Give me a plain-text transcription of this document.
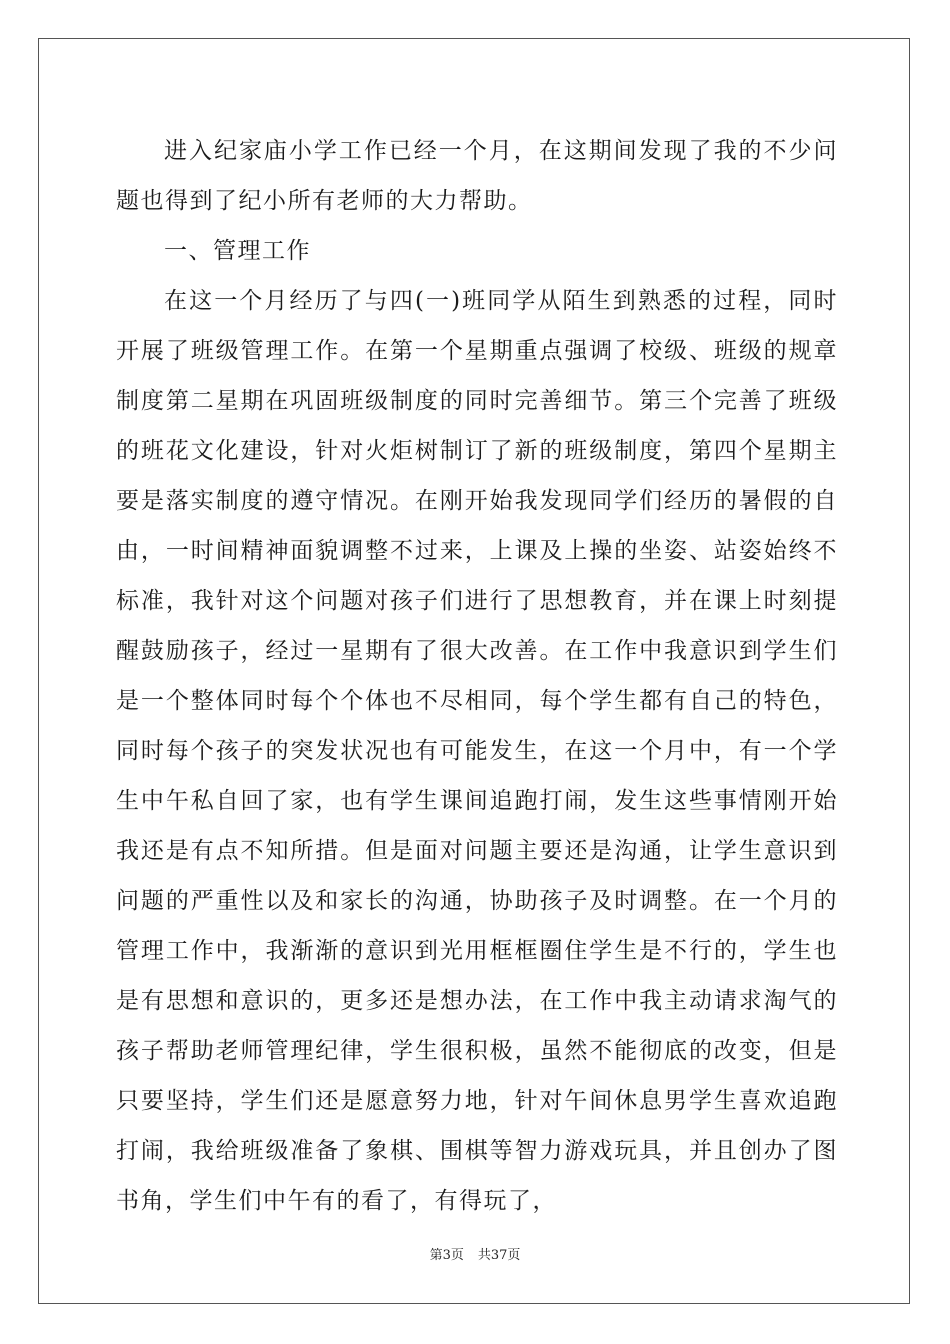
进入纪家庙小学工作已经一个月，在这期间发现了我的不少问题也得到了纪小所有老师的大力帮助。

一、管理工作

在这一个月经历了与四(一)班同学从陌生到熟悉的过程，同时开展了班级管理工作。在第一个星期重点强调了校级、班级的规章制度第二星期在巩固班级制度的同时完善细节。第三个完善了班级的班花文化建设，针对火炬树制订了新的班级制度，第四个星期主要是落实制度的遵守情况。在刚开始我发现同学们经历的暑假的自由，一时间精神面貌调整不过来，上课及上操的坐姿、站姿始终不标准，我针对这个问题对孩子们进行了思想教育，并在课上时刻提醒鼓励孩子，经过一星期有了很大改善。在工作中我意识到学生们是一个整体同时每个个体也不尽相同，每个学生都有自己的特色，同时每个孩子的突发状况也有可能发生，在这一个月中，有一个学生中午私自回了家，也有学生课间追跑打闹，发生这些事情刚开始我还是有点不知所措。但是面对问题主要还是沟通，让学生意识到问题的严重性以及和家长的沟通，协助孩子及时调整。在一个月的管理工作中，我渐渐的意识到光用框框圈住学生是不行的，学生也是有思想和意识的，更多还是想办法，在工作中我主动请求淘气的孩子帮助老师管理纪律，学生很积极，虽然不能彻底的改变，但是只要坚持，学生们还是愿意努力地，针对午间休息男学生喜欢追跑打闹，我给班级准备了象棋、围棋等智力游戏玩具，并且创办了图书角，学生们中午有的看了，有得玩了，

第3页 共37页
